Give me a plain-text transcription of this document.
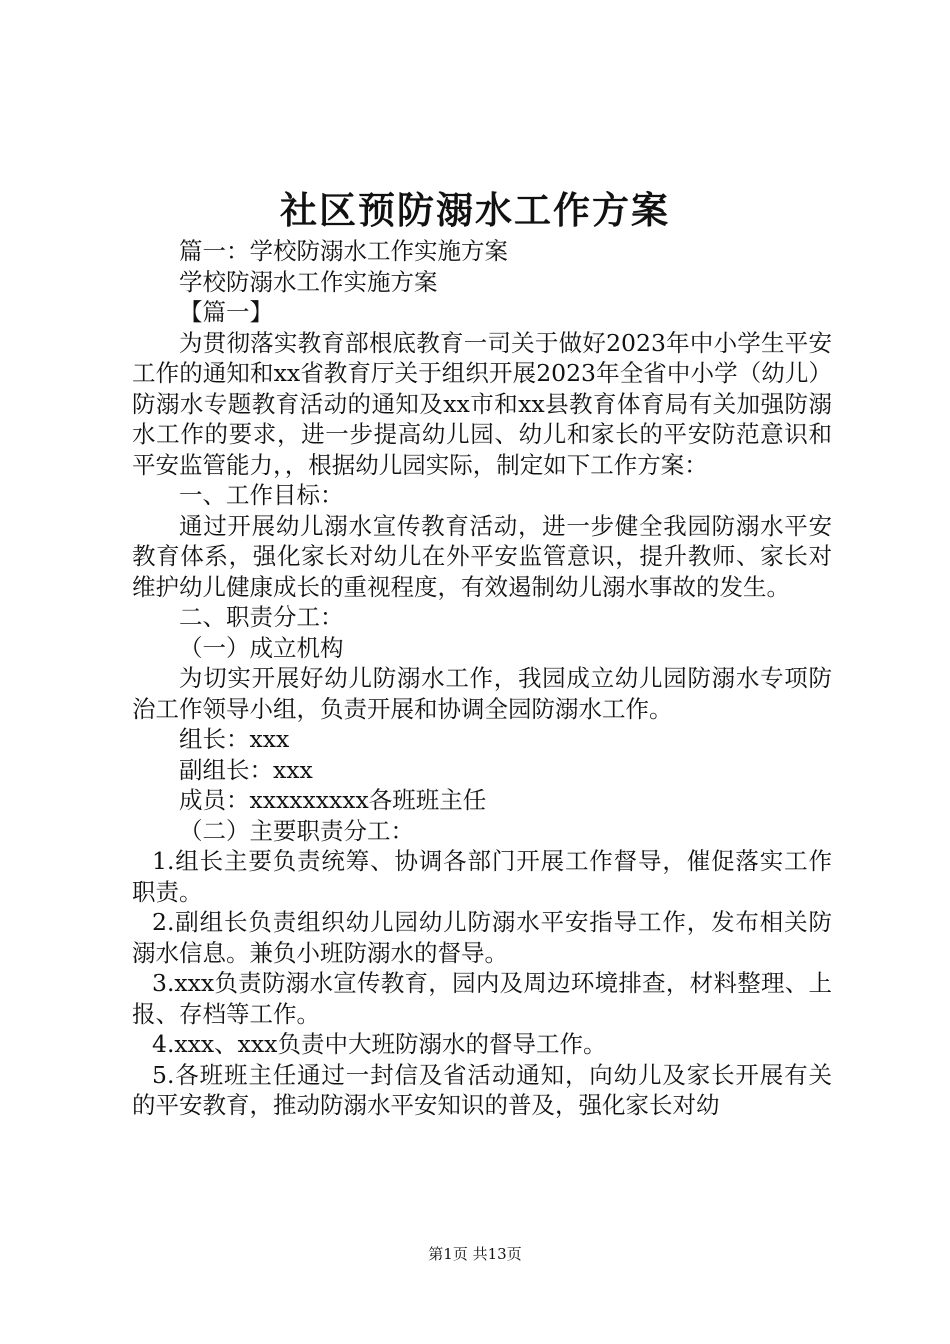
社区预防溺水工作方案

篇一：学校防溺水工作实施方案

学校防溺水工作实施方案

【篇一】

为贯彻落实教育部根底教育一司关于做好2023年中小学生平安工作的通知和xx省教育厅关于组织开展2023年全省中小学（幼儿）防溺水专题教育活动的通知及xx市和xx县教育体育局有关加强防溺水工作的要求，进一步提高幼儿园、幼儿和家长的平安防范意识和平安监管能力，，根据幼儿园实际，制定如下工作方案：

一、工作目标：

通过开展幼儿溺水宣传教育活动，进一步健全我园防溺水平安教育体系，强化家长对幼儿在外平安监管意识，提升教师、家长对维护幼儿健康成长的重视程度，有效遏制幼儿溺水事故的发生。

二、职责分工：

（一）成立机构

为切实开展好幼儿防溺水工作，我园成立幼儿园防溺水专项防治工作领导小组，负责开展和协调全园防溺水工作。

组长：xxx

副组长：xxx

成员：xxxxxxxxx各班班主任

（二）主要职责分工：

1.组长主要负责统筹、协调各部门开展工作督导，催促落实工作职责。

2.副组长负责组织幼儿园幼儿防溺水平安指导工作，发布相关防溺水信息。兼负小班防溺水的督导。

3.xxx负责防溺水宣传教育，园内及周边环境排查，材料整理、上报、存档等工作。

4.xxx、xxx负责中大班防溺水的督导工作。

5.各班班主任通过一封信及省活动通知，向幼儿及家长开展有关的平安教育，推动防溺水平安知识的普及，强化家长对幼

第1页 共13页
